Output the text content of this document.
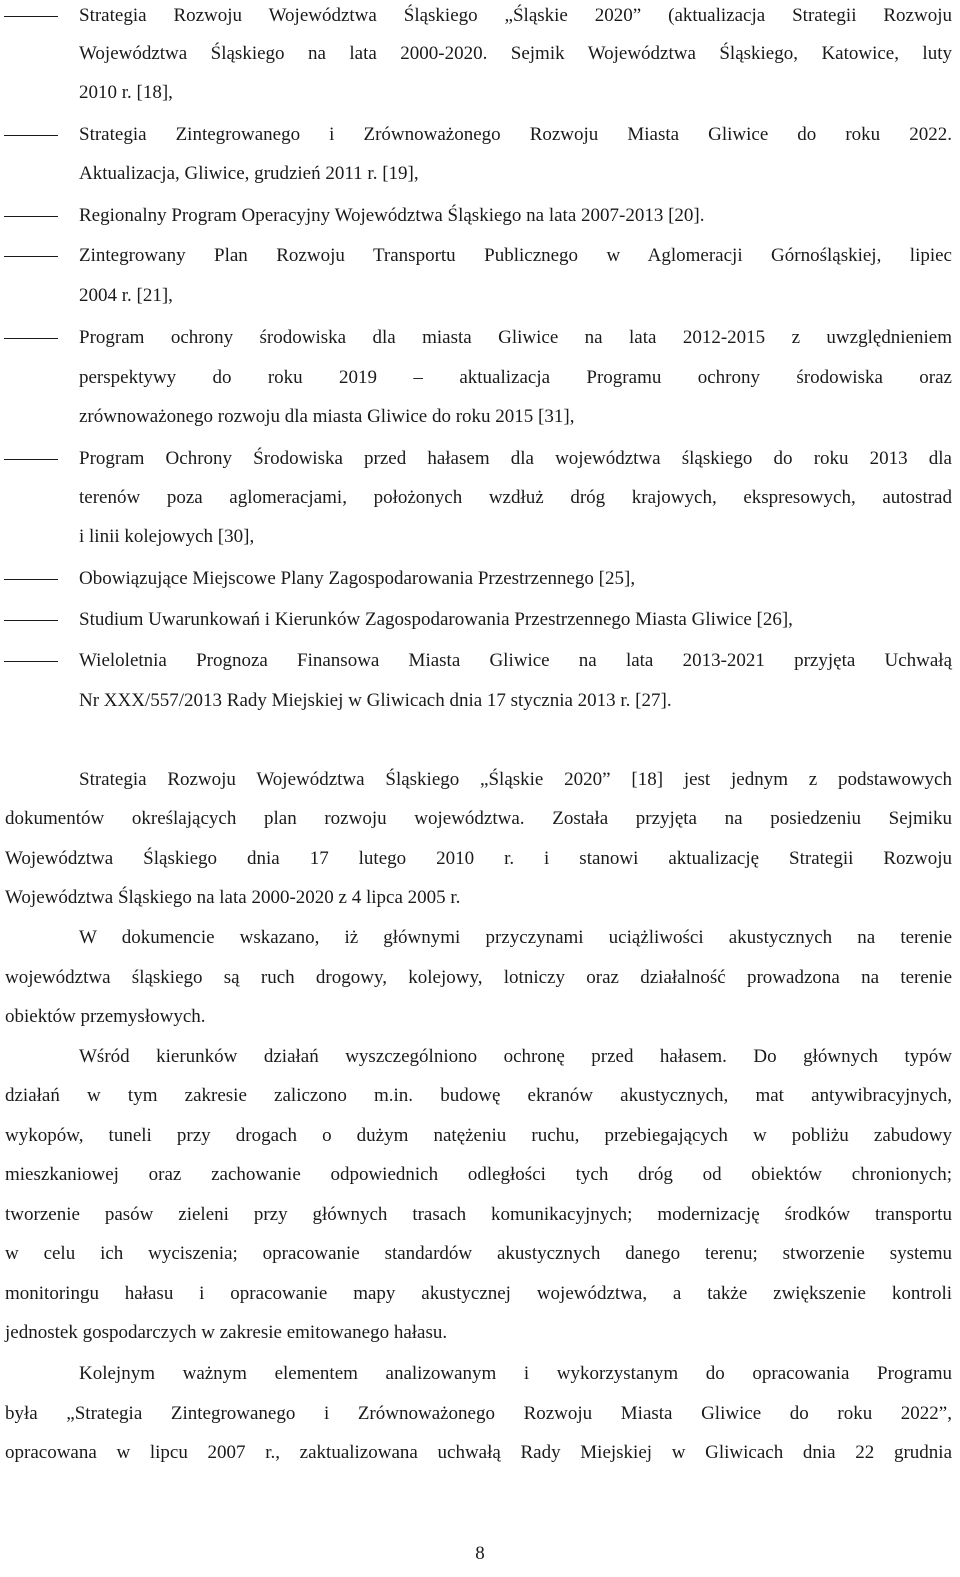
Strategia Rozwoju Województwa Śląskiego „Śląskie 2020” (aktualizacja Strategii Rozwoju
Województwa Śląskiego na lata 2000-2020. Sejmik Województwa Śląskiego, Katowice, luty
2010 r. [18],
Strategia Zintegrowanego i Zrównoważonego Rozwoju Miasta Gliwice do roku 2022.
Aktualizacja, Gliwice, grudzień 2011 r. [19],
Regionalny Program Operacyjny Województwa Śląskiego na lata 2007-2013 [20].
Zintegrowany Plan Rozwoju Transportu Publicznego w Aglomeracji Górnośląskiej, lipiec
2004 r. [21],
Program ochrony środowiska dla miasta Gliwice na lata 2012-2015 z uwzględnieniem
perspektywy do roku 2019 – aktualizacja Programu ochrony środowiska oraz
zrównoważonego rozwoju dla miasta Gliwice do roku 2015 [31],
Program Ochrony Środowiska przed hałasem dla województwa śląskiego do roku 2013 dla
terenów poza aglomeracjami, położonych wzdłuż dróg krajowych, ekspresowych, autostrad
i linii kolejowych [30],
Obowiązujące Miejscowe Plany Zagospodarowania Przestrzennego [25],
Studium Uwarunkowań i Kierunków Zagospodarowania Przestrzennego Miasta Gliwice [26],
Wieloletnia Prognoza Finansowa Miasta Gliwice na lata 2013-2021 przyjęta Uchwałą
Nr XXX/557/2013 Rady Miejskiej w Gliwicach dnia 17 stycznia 2013 r. [27].
Strategia Rozwoju Województwa Śląskiego „Śląskie 2020” [18] jest jednym z podstawowych
dokumentów określających plan rozwoju województwa. Została przyjęta na posiedzeniu Sejmiku
Województwa Śląskiego dnia 17 lutego 2010 r. i stanowi aktualizację Strategii Rozwoju
Województwa Śląskiego na lata 2000-2020 z 4 lipca 2005 r.
W dokumencie wskazano, iż głównymi przyczynami uciążliwości akustycznych na terenie
województwa śląskiego są ruch drogowy, kolejowy, lotniczy oraz działalność prowadzona na terenie
obiektów przemysłowych.
Wśród kierunków działań wyszczególniono ochronę przed hałasem. Do głównych typów
działań w tym zakresie zaliczono m.in. budowę ekranów akustycznych, mat antywibracyjnych,
wykopów, tuneli przy drogach o dużym natężeniu ruchu, przebiegających w pobliżu zabudowy
mieszkaniowej oraz zachowanie odpowiednich odległości tych dróg od obiektów chronionych;
tworzenie pasów zieleni przy głównych trasach komunikacyjnych; modernizację środków transportu
w celu ich wyciszenia; opracowanie standardów akustycznych danego terenu; stworzenie systemu
monitoringu hałasu i opracowanie mapy akustycznej województwa, a także zwiększenie kontroli
jednostek gospodarczych w zakresie emitowanego hałasu.
Kolejnym ważnym elementem analizowanym i wykorzystanym do opracowania Programu
była „Strategia Zintegrowanego i Zrównoważonego Rozwoju Miasta Gliwice do roku 2022”,
opracowana w lipcu 2007 r., zaktualizowana uchwałą Rady Miejskiej w Gliwicach dnia 22 grudnia
8
